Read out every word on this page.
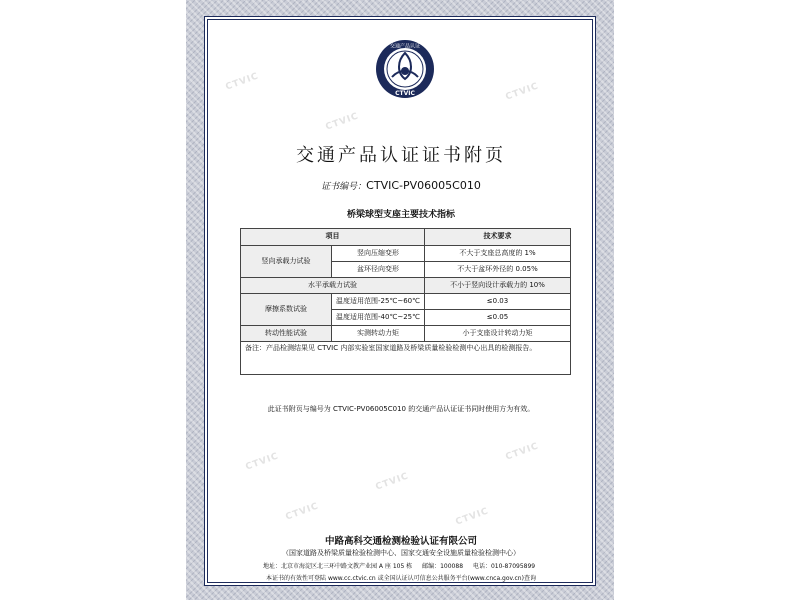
CTVIC
CTVIC
CTVIC
CTVIC
CTVIC
CTVIC
CTVIC	CTVIC
交通产品认证
CTVIC
交通产品认证证书附页
证书编号：CTVIC-PV06005C010
桥梁球型支座主要技术指标
项目		技术要求
竖向承载力试验	竖向压缩变形	不大于支座总高度的 1%
	盆环径向变形	不大于盆环外径的 0.05%
水平承载力试验		不小于竖向设计承载力的 10%
摩擦系数试验	温度适用范围-25℃~60℃	≤0.03
	温度适用范围-40℃~25℃	≤0.05
转动性能试验	实测转动力矩	小于支座设计转动力矩
备注：产品检测结果见 CTVIC 内部实验室国家道路及桥梁质量检验检测中心出具的检测报告。		
此证书附页与编号为 CTVIC-PV06005C010 的交通产品认证证书同时使用方为有效。
中路高科交通检测检验认证有限公司
（国家道路及桥梁质量检验检测中心、国家交通安全设施质量检验检测中心）
地址：北京市海淀区北三环中路文教产业园 A 座 105 栋 邮编：100088 电话：010-87095899
本证书的有效性可登陆 www.cc.ctvic.cn 或全国认证认可信息公共服务平台(www.cnca.gov.cn)查询
